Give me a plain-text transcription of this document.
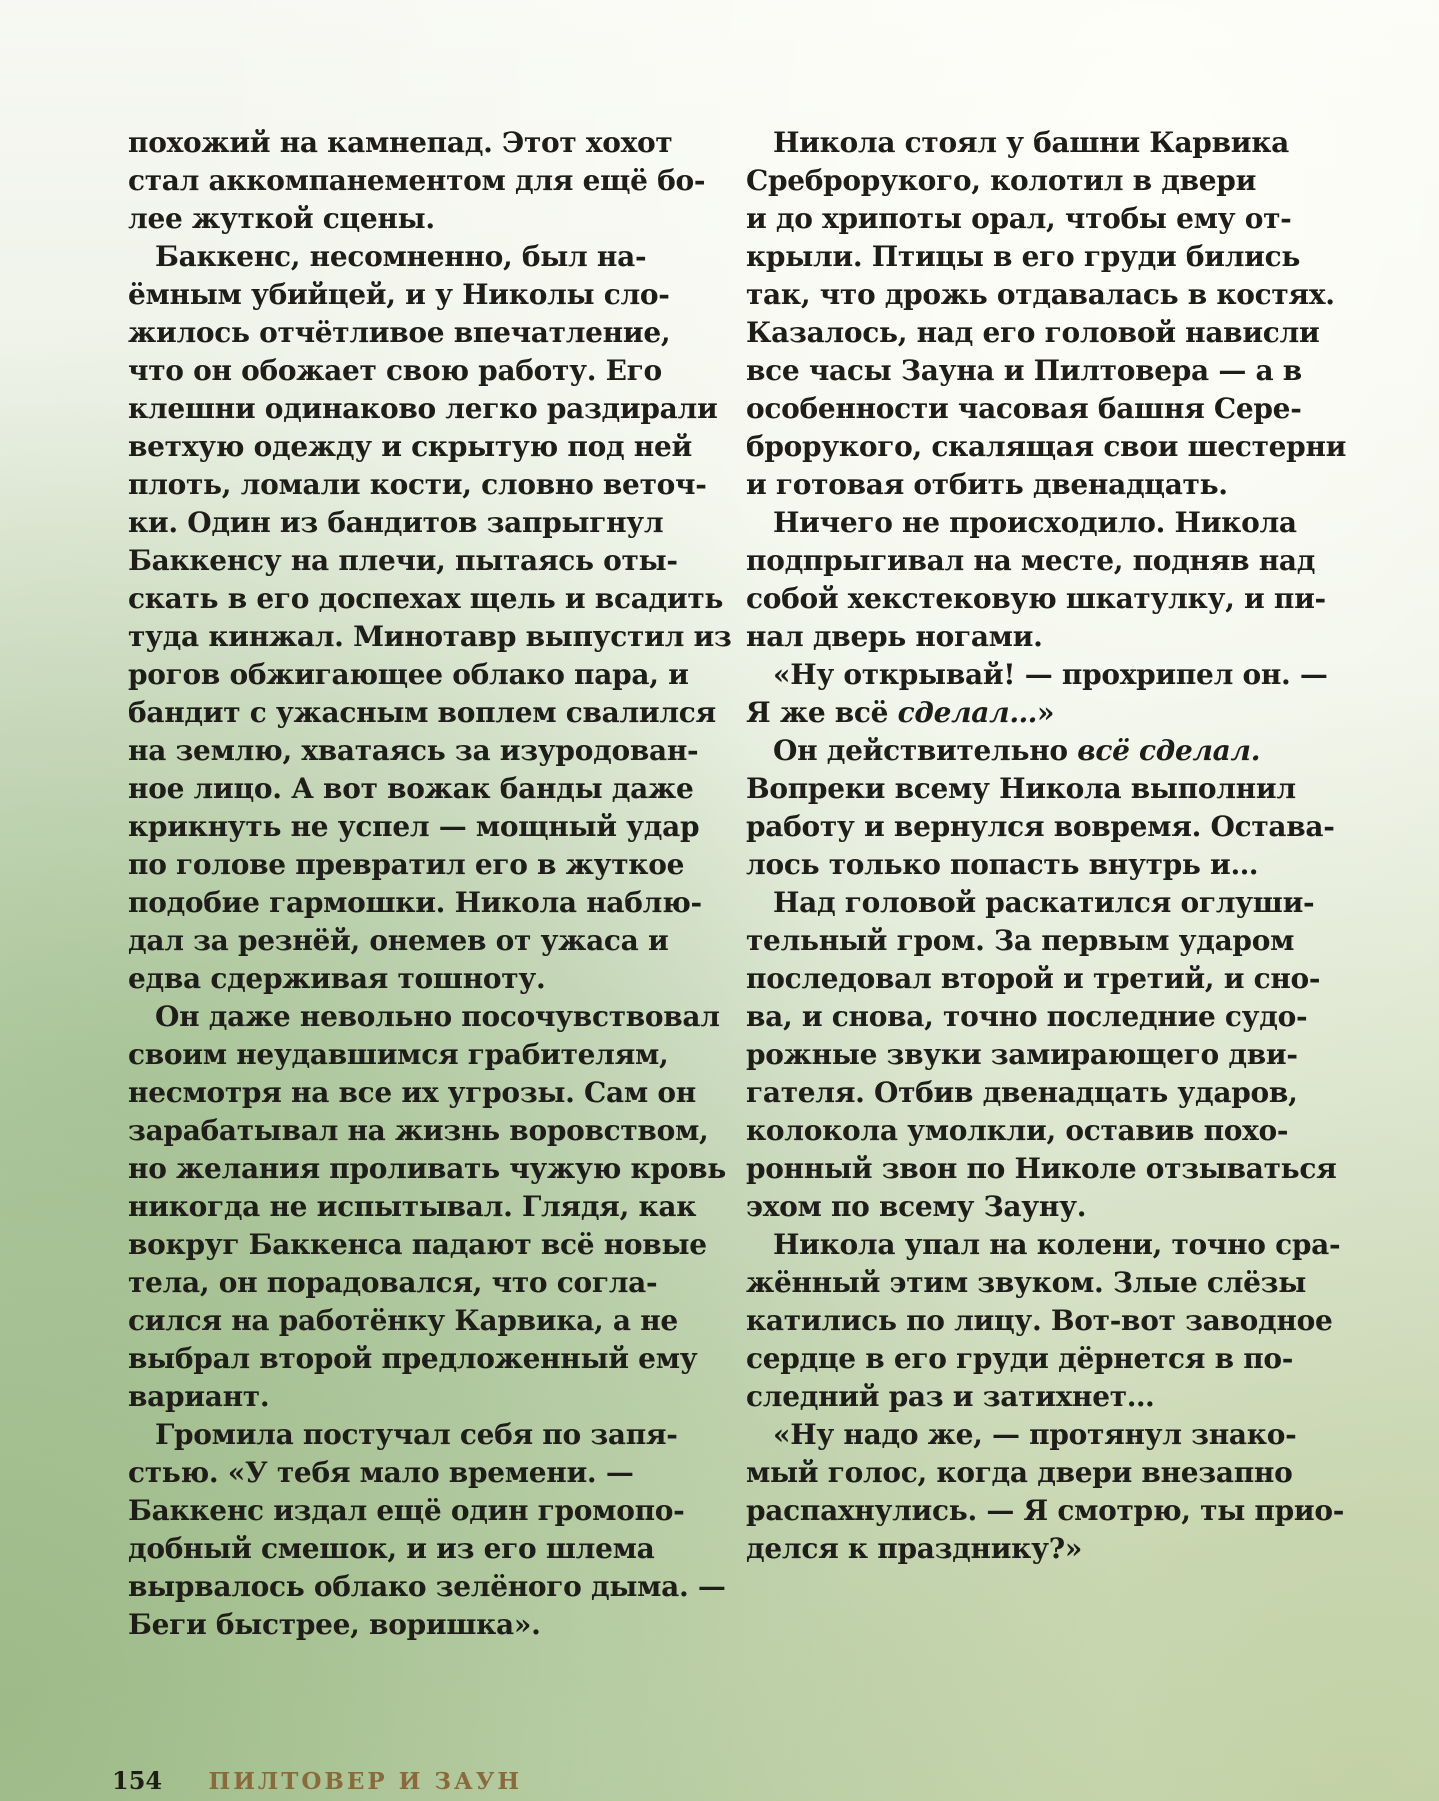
похожий на камнепад. Этот хохот
стал аккомпанементом для ещё бо-
лее жуткой сцены.
Баккенс, несомненно, был на-
ёмным убийцей, и у Николы сло-
жилось отчётливое впечатление,
что он обожает свою работу. Его
клешни одинаково легко раздирали
ветхую одежду и скрытую под ней
плоть, ломали кости, словно веточ-
ки. Один из бандитов запрыгнул
Баккенсу на плечи, пытаясь оты-
скать в его доспехах щель и всадить
туда кинжал. Минотавр выпустил из
рогов обжигающее облако пара, и
бандит с ужасным воплем свалился
на землю, хватаясь за изуродован-
ное лицо. А вот вожак банды даже
крикнуть не успел — мощный удар
по голове превратил его в жуткое
подобие гармошки. Никола наблю-
дал за резнёй, онемев от ужаса и
едва сдерживая тошноту.
Он даже невольно посочувствовал
своим неудавшимся грабителям,
несмотря на все их угрозы. Сам он
зарабатывал на жизнь воровством,
но желания проливать чужую кровь
никогда не испытывал. Глядя, как
вокруг Баккенса падают всё новые
тела, он порадовался, что согла-
сился на работёнку Карвика, а не
выбрал второй предложенный ему
вариант.
Громила постучал себя по запя-
стью. «У тебя мало времени. —
Баккенс издал ещё один громопо-
добный смешок, и из его шлема
вырвалось облако зелёного дыма. —
Беги быстрее, воришка».
Никола стоял у башни Карвика
Среброрукого, колотил в двери
и до хрипоты орал, чтобы ему от-
крыли. Птицы в его груди бились
так, что дрожь отдавалась в костях.
Казалось, над его головой нависли
все часы Зауна и Пилтовера — а в
особенности часовая башня Сере-
брорукого, скалящая свои шестерни
и готовая отбить двенадцать.
Ничего не происходило. Никола
подпрыгивал на месте, подняв над
собой хекстековую шкатулку, и пи-
нал дверь ногами.
«Ну открывай! — прохрипел он. —
Я же всё сделал…»
Он действительно всё сделал.
Вопреки всему Никола выполнил
работу и вернулся вовремя. Остава-
лось только попасть внутрь и…
Над головой раскатился оглуши-
тельный гром. За первым ударом
последовал второй и третий, и сно-
ва, и снова, точно последние судо-
рожные звуки замирающего дви-
гателя. Отбив двенадцать ударов,
колокола умолкли, оставив похо-
ронный звон по Николе отзываться
эхом по всему Зауну.
Никола упал на колени, точно сра-
жённый этим звуком. Злые слёзы
катились по лицу. Вот-вот заводное
сердце в его груди дёрнется в по-
следний раз и затихнет…
«Ну надо же, — протянул знако-
мый голос, когда двери внезапно
распахнулись. — Я смотрю, ты прио-
делся к празднику?»
154 ПИЛТОВЕР И ЗАУН
